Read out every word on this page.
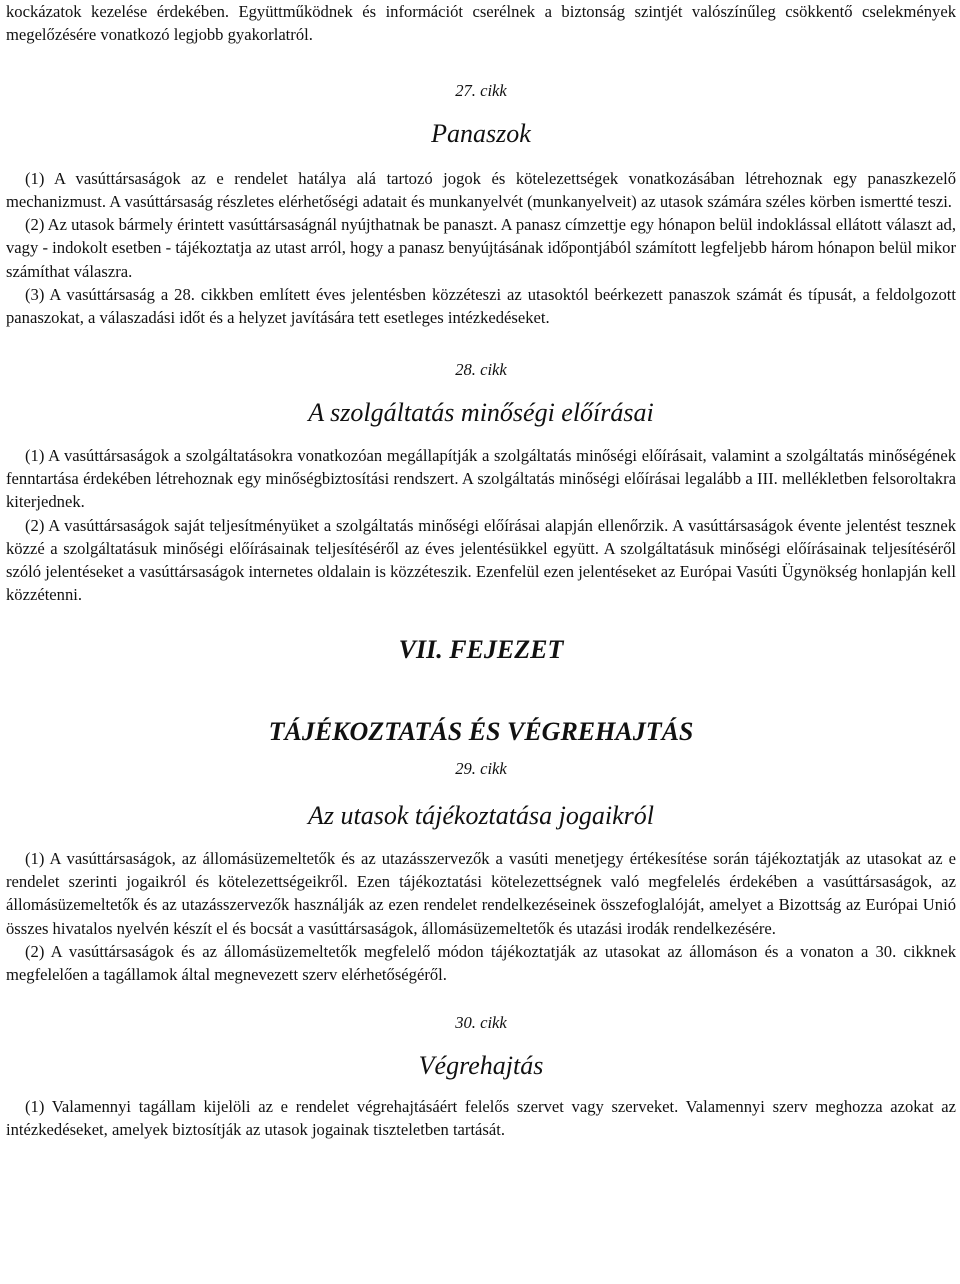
kockázatok kezelése érdekében. Együttműködnek és információt cserélnek a biztonság szintjét valószínűleg csökkentő cselekmények megelőzésére vonatkozó legjobb gyakorlatról.

27. cikk
Panaszok

(1) A vasúttársaságok az e rendelet hatálya alá tartozó jogok és kötelezettségek vonatkozásában létrehoznak egy panaszkezelő mechanizmust. A vasúttársaság részletes elérhetőségi adatait és munkanyelvét (munkanyelveit) az utasok számára széles körben ismertté teszi.

(2) Az utasok bármely érintett vasúttársaságnál nyújthatnak be panaszt. A panasz címzettje egy hónapon belül indoklással ellátott választ ad, vagy - indokolt esetben - tájékoztatja az utast arról, hogy a panasz benyújtásának időpontjából számított legfeljebb három hónapon belül mikor számíthat válaszra.

(3) A vasúttársaság a 28. cikkben említett éves jelentésben közzéteszi az utasoktól beérkezett panaszok számát és típusát, a feldolgozott panaszokat, a válaszadási időt és a helyzet javítására tett esetleges intézkedéseket.

28. cikk
A szolgáltatás minőségi előírásai

(1) A vasúttársaságok a szolgáltatásokra vonatkozóan megállapítják a szolgáltatás minőségi előírásait, valamint a szolgáltatás minőségének fenntartása érdekében létrehoznak egy minőségbiztosítási rendszert. A szolgáltatás minőségi előírásai legalább a III. mellékletben felsoroltakra kiterjednek.

(2) A vasúttársaságok saját teljesítményüket a szolgáltatás minőségi előírásai alapján ellenőrzik. A vasúttársaságok évente jelentést tesznek közzé a szolgáltatásuk minőségi előírásainak teljesítéséről az éves jelentésükkel együtt. A szolgáltatásuk minőségi előírásainak teljesítéséről szóló jelentéseket a vasúttársaságok internetes oldalain is közzéteszik. Ezenfelül ezen jelentéseket az Európai Vasúti Ügynökség honlapján kell közzétenni.

VII. FEJEZET
TÁJÉKOZTATÁS ÉS VÉGREHAJTÁS
29. cikk
Az utasok tájékoztatása jogaikról

(1) A vasúttársaságok, az állomásüzemeltetők és az utazásszervezők a vasúti menetjegy értékesítése során tájékoztatják az utasokat az e rendelet szerinti jogaikról és kötelezettségeikről. Ezen tájékoztatási kötelezettségnek való megfelelés érdekében a vasúttársaságok, az állomásüzemeltetők és az utazásszervezők használják az ezen rendelet rendelkezéseinek összefoglalóját, amelyet a Bizottság az Európai Unió összes hivatalos nyelvén készít el és bocsát a vasúttársaságok, állomásüzemeltetők és utazási irodák rendelkezésére.

(2) A vasúttársaságok és az állomásüzemeltetők megfelelő módon tájékoztatják az utasokat az állomáson és a vonaton a 30. cikknek megfelelően a tagállamok által megnevezett szerv elérhetőségéről.

30. cikk
Végrehajtás

(1) Valamennyi tagállam kijelöli az e rendelet végrehajtásáért felelős szervet vagy szerveket. Valamennyi szerv meghozza azokat az intézkedéseket, amelyek biztosítják az utasok jogainak tiszteletben tartását.
